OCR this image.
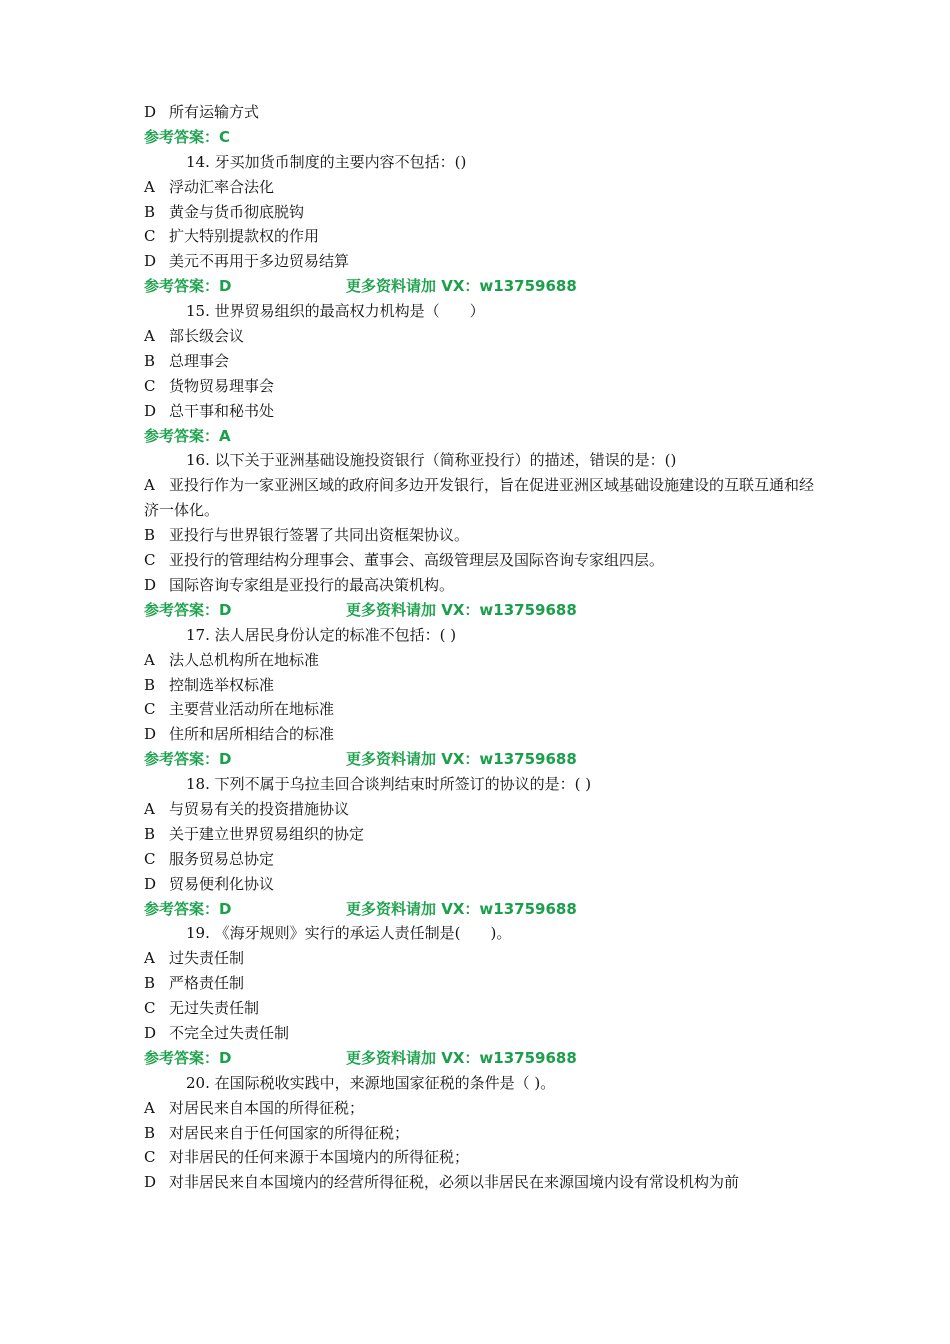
D 所有运输方式
参考答案：C
14. 牙买加货币制度的主要内容不包括：()
A 浮动汇率合法化
B 黄金与货币彻底脱钩
C 扩大特别提款权的作用
D 美元不再用于多边贸易结算
参考答案：D	更多资料请加 VX：w13759688
15. 世界贸易组织的最高权力机构是（　　）
A 部长级会议
B 总理事会
C 货物贸易理事会
D 总干事和秘书处
参考答案：A
16. 以下关于亚洲基础设施投资银行（简称亚投行）的描述，错误的是：()
A 亚投行作为一家亚洲区域的政府间多边开发银行，旨在促进亚洲区域基础设施建设的互联互通和经济一体化。
B 亚投行与世界银行签署了共同出资框架协议。
C 亚投行的管理结构分理事会、董事会、高级管理层及国际咨询专家组四层。
D 国际咨询专家组是亚投行的最高决策机构。
参考答案：D	更多资料请加 VX：w13759688
17. 法人居民身份认定的标准不包括：( )
A 法人总机构所在地标准
B 控制选举权标准
C 主要营业活动所在地标准
D 住所和居所相结合的标准
参考答案：D	更多资料请加 VX：w13759688
18. 下列不属于乌拉圭回合谈判结束时所签订的协议的是：( )
A 与贸易有关的投资措施协议
B 关于建立世界贸易组织的协定
C 服务贸易总协定
D 贸易便利化协议
参考答案：D	更多资料请加 VX：w13759688
19. 《海牙规则》实行的承运人责任制是(　　)。
A 过失责任制
B 严格责任制
C 无过失责任制
D 不完全过失责任制
参考答案：D	更多资料请加 VX：w13759688
20. 在国际税收实践中，来源地国家征税的条件是（ )。
A 对居民来自本国的所得征税；
B 对居民来自于任何国家的所得征税；
C 对非居民的任何来源于本国境内的所得征税；
D 对非居民来自本国境内的经营所得征税，必须以非居民在来源国境内设有常设机构为前
